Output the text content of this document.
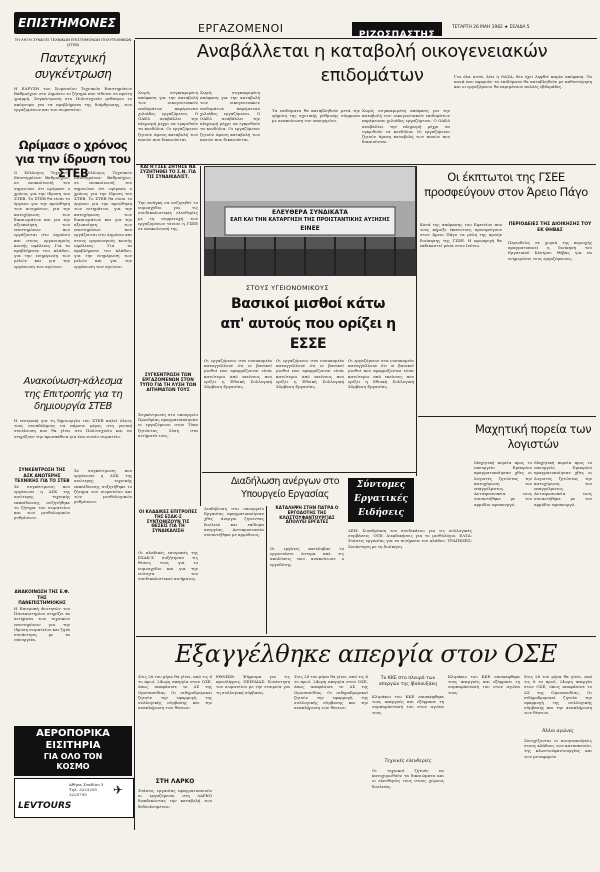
ΕΠΙΣΤΗΜΟΝΕΣ	ΕΡΓΑΖΟΜΕΝΟΙ	ΡΙΖΟΣΠΑΣΤΗΣ
ΤΕΤΑΡΤΗ 26 ΜΑΗ 1982 ★ ΣΕΛΙΔΑ 5
ΤΗ ΛΗΞΗ ΣΥΝΑΞΕΙ ΤΕΧΝΙΚΩΝ ΕΠΙΣΤΗΜΟΝΩΝ ΠΟΛΥΤΕΧΝΙΚΩΝ (ΣΤΕΒ)
Παντεχνική συγκέντρωση
Η ΕΔΡΥΣΗ του Σωματείου Τεχνικών Επιστημόνων Βαθμούχων στο Δημόσιο το ζήτημα που τίθεται σε πρώτη γραμμή. Συγκέντρωση στο Πολυτεχνείο μεθαύριο το απόγευμα για τα προβλήματα της διάρθρωσης, των εργαζομένων και του σωματείου.
Ωρίμασε ο χρόνος για την ίδρυση του ΣΤΕΒ
Ο Σύλλογος Τεχνικών Επιστημόνων Βαθμούχων, σε ανακοίνωσή του σημειώνει ότι ωρίμασε ο χρόνος για την ίδρυση του ΣΤΕΒ. Το ΣΤΕΒ θα είναι το όργανο για την προώθηση των αιτημάτων, για την κατοχύρωση των δικαιωμάτων και για την αξιοποίηση των επιστημόνων που εργάζονται στο Δημόσιο και στους οργανισμούς κοινής ωφέλειας. Για τα προβλήματα του κλάδου, για την ενημέρωση των μελών και για την οργάνωση των αγώνων.
Ο Σύλλογος Τεχνικών Επιστημόνων Βαθμούχων, σε ανακοίνωσή του σημειώνει ότι ωρίμασε ο χρόνος για την ίδρυση του ΣΤΕΒ. Το ΣΤΕΒ θα είναι το όργανο για την προώθηση των αιτημάτων, για την κατοχύρωση των δικαιωμάτων και για την αξιοποίηση των επιστημόνων που εργάζονται στο Δημόσιο και στους οργανισμούς κοινής ωφέλειας. Για τα προβλήματα του κλάδου, για την ενημέρωση των μελών και για την οργάνωση των αγώνων.
Ανακοίνωση-κάλεσμα της Επιτροπής για τη δημιουργία ΣΤΕΒ
Η επιτροπή για τη δημιουργία του ΣΤΕΒ καλεί όλους τους συναδέλφους να πάρουν μέρος στη γενική συνέλευση που θα γίνει στο Πολυτεχνείο και να στηρίξουν την προσπάθεια για ένα ενιαίο σωματείο.
ΣΥΝΚΕΝΤΡΩΣΗ ΤΗΣ ΔΣΚ ΑΝΩΤΕΡΗΣ ΤΕΧΝΙΚΗΣ ΓΙΑ ΤΟ ΣΤΕΒ
Σε συγκέντρωση που οργάνωσε η ΔΣΚ της ανώτερης τεχνικής εκπαίδευσης συζητήθηκε το ζήτημα του σωματείου και των μισθολογικών ρυθμίσεων.
ΑΝΑΚΟΙΝΩΣΗ ΤΗΣ Ε.Φ. ΤΗΣ ΠΑΝΕΠΙΣΤΗΜΙΟΚΗΣ
Η Επιτροπή Φοιτητών του Πανεπιστημίου στηρίζει τα αιτήματα των τεχνικών επιστημόνων για την ίδρυση σωματείου και ζητά συνάντηση με τα υπουργεία.
Σε συγκέντρωση που οργάνωσε η ΔΣΚ της ανώτερης τεχνικής εκπαίδευσης συζητήθηκε το ζήτημα του σωματείου και των μισθολογικών ρυθμίσεων.
ΑΕΡΟΠΟΡΙΚΑ
ΕΙΣΙΤΗΡΙΑ
ΓΙΑ ΟΛΟ ΤΟΝ
ΚΟΣΜΟ
LEVTOURS
Αθήνα Σταδίου 3 Τηλ. 3223205 3225795	✈
Αναβάλλεται η καταβολή οικογενειακών επιδομάτων
Χωρίς συγκεκριμένη απόφαση για την καταβολή των οικογενειακών επιδομάτων παρέμειναν χιλιάδες εργαζόμενοι. Ο ΟΑΕΔ αναβάλλει την πληρωμή μέχρι να εγκριθούν τα κονδύλια. Οι εργαζόμενοι ζητούν άμεση καταβολή των ποσών που δικαιούνται.
Χωρίς συγκεκριμένη απόφαση για την καταβολή των οικογενειακών επιδομάτων παρέμειναν χιλιάδες εργαζόμενοι. Ο ΟΑΕΔ αναβάλλει την πληρωμή μέχρι να εγκριθούν τα κονδύλια. Οι εργαζόμενοι ζητούν άμεση καταβολή των ποσών που δικαιούνται.
Τα επιδόματα θα καταβληθούν μετά την ψήφιση της σχετικής ρύθμισης σύμφωνα με ανακοίνωση του υπουργείου.
Χωρίς συγκεκριμένη απόφαση για την καταβολή των οικογενειακών επιδομάτων παρέμειναν χιλιάδες εργαζόμενοι. Ο ΟΑΕΔ αναβάλλει την πληρωμή μέχρι να εγκριθούν τα κονδύλια. Οι εργαζόμενοι ζητούν άμεση καταβολή των ποσών που δικαιούνται.
Για όλα αυτά, λέει η ΟΑΣΑ, δεν έχει ληφθεί καμία απόφαση. Τα ποσά που αφορούν τα επιδόματα θα καταβληθούν με καθυστέρηση και οι εργαζόμενοι θα περιμένουν πολλές εβδομάδες.
ΚΑΙ Η ΓΣΕΕ ΖΗΤΗΣΕ ΝΑ ΣΥΖΗΤΗΘΕΙ ΤΟ Σ.Ν. ΓΙΑ ΤΙΣ ΣΥΝΔΙΚΑΛΙΣΤ.
Την ανάγκη να συζητηθεί το νομοσχέδιο για τις συνδικαλιστικές ελευθερίες με τη συμμετοχή των εργαζομένων τόνισε η ΓΣΕΕ σε ανακοίνωσή της.
ΣΥΓΚΕΝΤΡΩΣΗ ΤΩΝ ΕΡΓΑΖΟΜΕΝΩΝ ΣΤΟΝ ΤΥΠΟ ΓΙΑ ΤΗ ΛΥΣΗ ΤΩΝ ΑΙΤΗΜΑΤΩΝ ΤΟΥΣ
Συγκέντρωση στο υπουργείο Προεδρίας πραγματοποίησαν οι εργαζόμενοι στον Τύπο ζητώντας λύση στα αιτήματά τους.
ΕΛΕΥΘΕΡΑ ΣΥΝΔΙΚΑΤΑ
ΕΑΠ ΚΑΙ ΤΗΝ ΚΑΤΑΡΓΗΣΗ ΤΗΣ ΠΡΟΙΣΤΑΝΤΙΚΗΣ ΑΥΞΗΣΗΣ
ΕΙΝΕΕ
ΣΤΟΥΣ ΥΓΕΙΟΝΟΜΙΚΟΥΣ
Βασικοί μισθοί κάτω απ' αυτούς που ορίζει η ΕΣΣΕ
Οι εργαζόμενοι στα νοσοκομεία καταγγέλλουν ότι οι βασικοί μισθοί που εφαρμόζονται είναι κατώτεροι από εκείνους που ορίζει η Εθνική Συλλογική Σύμβαση Εργασίας.
Οι εργαζόμενοι στα νοσοκομεία καταγγέλλουν ότι οι βασικοί μισθοί που εφαρμόζονται είναι κατώτεροι από εκείνους που ορίζει η Εθνική Συλλογική Σύμβαση Εργασίας.
Οι εργαζόμενοι στα νοσοκομεία καταγγέλλουν ότι οι βασικοί μισθοί που εφαρμόζονται είναι κατώτεροι από εκείνους που ορίζει η Εθνική Συλλογική Σύμβαση Εργασίας.
Οι έκπτωτοι της ΓΣΕΕ προσφεύγουν στον Άρειο Πάγο
Κατά της απόφασης του Εφετείου που τους κήρυξε έκπτωτους προσφεύγουν στον Άρειο Πάγο τα μέλη της πρώην διοίκησης της ΓΣΕΕ. Η προσφυγή θα εκδικαστεί μέσα στον Ιούνιο.
ΠΕΡΙΟΔΕΙΕΣ ΤΗΣ ΔΙΟΙΚΗΣΗΣ ΤΟΥ ΕΚ ΘΗΒΑΣ
Περιοδείες σε χωριά της περιοχής πραγματοποιεί η διοίκηση του Εργατικού Κέντρου Θήβας για να ενημερώσει τους εργαζόμενους.
Μαχητική πορεία των λογιστών
Μαχητική πορεία προς το υπουργείο Εμπορίου πραγματοποίησαν χθες οι λογιστές ζητώντας την κατοχύρωση του επαγγέλματος. Αντιπροσωπεία τους συναντήθηκε με τον αρμόδιο υφυπουργό.
Μαχητική πορεία προς το υπουργείο Εμπορίου πραγματοποίησαν χθες οι λογιστές ζητώντας την κατοχύρωση του επαγγέλματος. Αντιπροσωπεία τους συναντήθηκε με τον αρμόδιο υφυπουργό.
Διαδήλωση ανέργων στο Υπουργείο Εργασίας
Διαδήλωση στο υπουργείο Εργασίας πραγματοποίησαν χθες άνεργοι ζητώντας δουλειά και επίδομα ανεργίας. Αντιπροσωπεία συναντήθηκε με αρμόδιους.
Οι κλαδικές επιτροπές της ΕΣΑΚ-Σ συζήτησαν τις θέσεις τους για το νομοσχέδιο και για την ενότητα του συνδικαλιστικού κινήματος.
ΟΙ ΚΛΑΔΙΚΕΣ ΕΠΙΤΡΟΠΕΣ ΤΗΣ ΕΣΑΚ-Σ ΣΥΝΤΟΝΙΖΟΥΝ ΤΙΣ ΘΕΣΕΙΣ ΓΙΑ ΤΗ ΣΥΝΔΙΚΑΛΙΣΗ
ΚΑΤΑΛΗΨΗ ΣΤΗΝ ΠΑΤΡΑ Ο ΕΡΓΟΔΟΤΗΣ ΤΗΣ ΚΛΩΣΤΟΥΦΑΝΤΟΥΡΓΙΑΣ ΑΠΟΛΥΕΙ ΕΡΓΑΤΕΣ
Οι εργάτες κατέλαβαν το εργοστάσιο ύστερα από τις απολύσεις που ανακοίνωσε ο εργοδότης.
Σύντομες
Εργατικές
Ειδήσεις
ΔΕΗ: Συνεδρίαση του συνδικάτου για τις συλλογικές συμβάσεις. ΟΤΕ: Διεκδικήσεις για το μισθολόγιο. ΕΛΤΑ: Στάσεις εργασίας για τα αιτήματα του κλάδου. ΤΡΑΠΕΖΕΣ: Συνάντηση με τη διοίκηση.
Εξαγγέλθηκε απεργία στον ΟΣΕ
Στις 28 του μήνα θα γίνει, από τις 6 το πρωί, 24ωρη απεργία στον ΟΣΕ, όπως αποφάσισε το ΔΣ της Ομοσπονδίας. Οι σιδηροδρομικοί ζητούν την εφαρμογή της συλλογικής σύμβασης και την αναπλήρωση των θέσεων.
ΣΤΗ ΛΑΡΚΟ
Στάσεις εργασίας πραγματοποιούν οι εργαζόμενοι στη ΛΑΡΚΟ διεκδικώντας την καταβολή των δεδουλευμένων.
ΕΘΝΙΚΗ: Ψήφισμα για τις προσλήψεις. ΠΕΙΡΑΙΑΣ: Συνάντηση του σωματείου με την εταιρεία για τη συλλογική σύμβαση.
Στις 28 του μήνα θα γίνει, από τις 6 το πρωί, 24ωρη απεργία στον ΟΣΕ, όπως αποφάσισε το ΔΣ της Ομοσπονδίας. Οι σιδηροδρομικοί ζητούν την εφαρμογή της συλλογικής σύμβασης και την αναπλήρωση των θέσεων.
Το ΚΚΕ στο πλευρό των απεργών της Ιβαλουξάκη
Κλιμάκιο του ΚΚΕ επισκέφθηκε τους απεργούς και εξέφρασε τη συμπαράστασή του στον αγώνα τους.
Τεχνικές ελευθερίες
Οι τεχνικοί ζητούν να κατοχυρωθούν τα δικαιώματα και οι ελευθερίες τους στους χώρους δουλειάς.
Κλιμάκιο του ΚΚΕ επισκέφθηκε τους απεργούς και εξέφρασε τη συμπαράστασή του στον αγώνα τους.
Στις 28 του μήνα θα γίνει, από τις 6 το πρωί, 24ωρη απεργία στον ΟΣΕ, όπως αποφάσισε το ΔΣ της Ομοσπονδίας. Οι σιδηροδρομικοί ζητούν την εφαρμογή της συλλογικής σύμβασης και την αναπλήρωση των θέσεων.
Άλλοι αγώνες
Συνεχίζονται οι κινητοποιήσεις στους κλάδους των κατασκευών, της κλωστοϋφαντουργίας και των μεταφορών.
